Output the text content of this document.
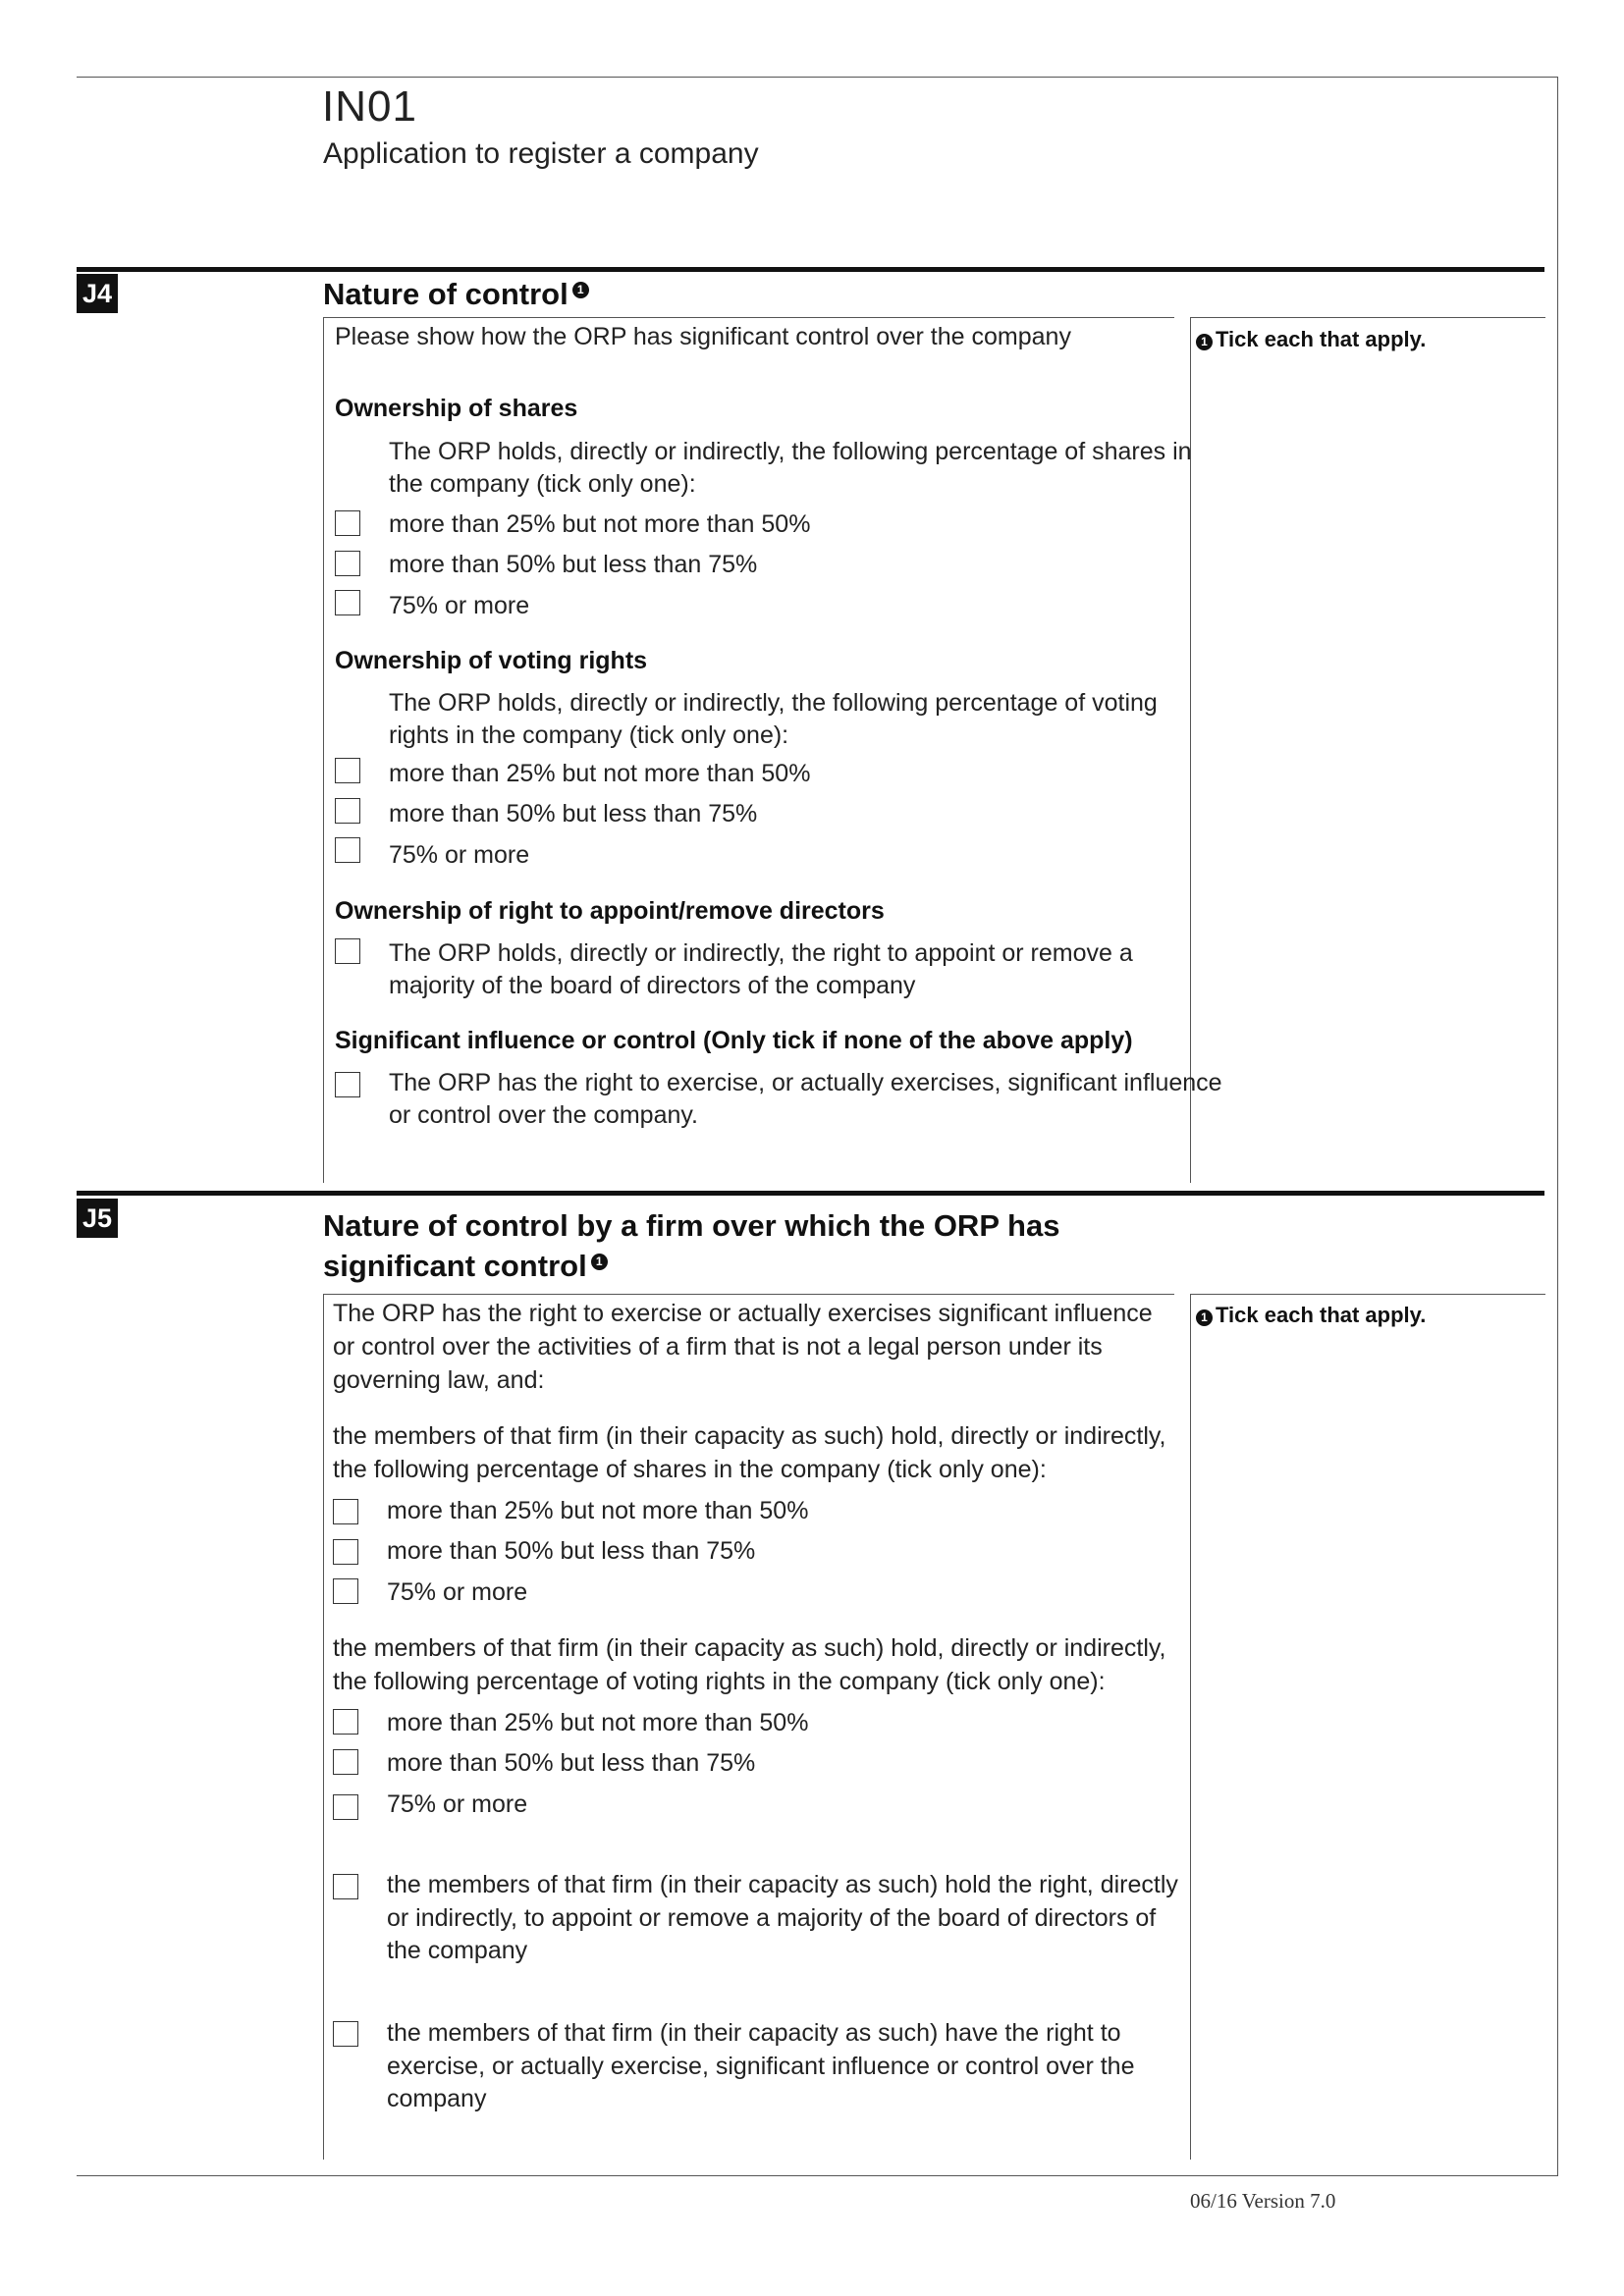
IN01
Application to register a company
J4	Nature of control 1
1 Tick each that apply.
Please show how the ORP has significant control over the company
Ownership of shares
The ORP holds, directly or indirectly, the following percentage of shares in
the company (tick only one):
more than 25% but not more than 50%
more than 50% but less than 75%
75% or more
Ownership of voting rights
The ORP holds, directly or indirectly, the following percentage of voting
rights in the company (tick only one):
more than 25% but not more than 50%
more than 50% but less than 75%
75% or more
Ownership of right to appoint/remove directors
The ORP holds, directly or indirectly, the right to appoint or remove a
majority of the board of directors of the company
Significant influence or control (Only tick if none of the above apply)
The ORP has the right to exercise, or actually exercises, significant influence
or control over the company.
J5	Nature of control by a firm over which the ORP has
significant control 1
1 Tick each that apply.
The ORP has the right to exercise or actually exercises significant influence
or control over the activities of a firm that is not a legal person under its
governing law, and:
the members of that firm (in their capacity as such) hold, directly or indirectly,
the following percentage of shares in the company (tick only one):
more than 25% but not more than 50%
more than 50% but less than 75%
75% or more
the members of that firm (in their capacity as such) hold, directly or indirectly,
the following percentage of voting rights in the company (tick only one):
more than 25% but not more than 50%
more than 50% but less than 75%
75% or more
the members of that firm (in their capacity as such) hold the right, directly
or indirectly, to appoint or remove a majority of the board of directors of
the company
the members of that firm (in their capacity as such) have the right to
exercise, or actually exercise, significant influence or control over the
company
06/16 Version 7.0
